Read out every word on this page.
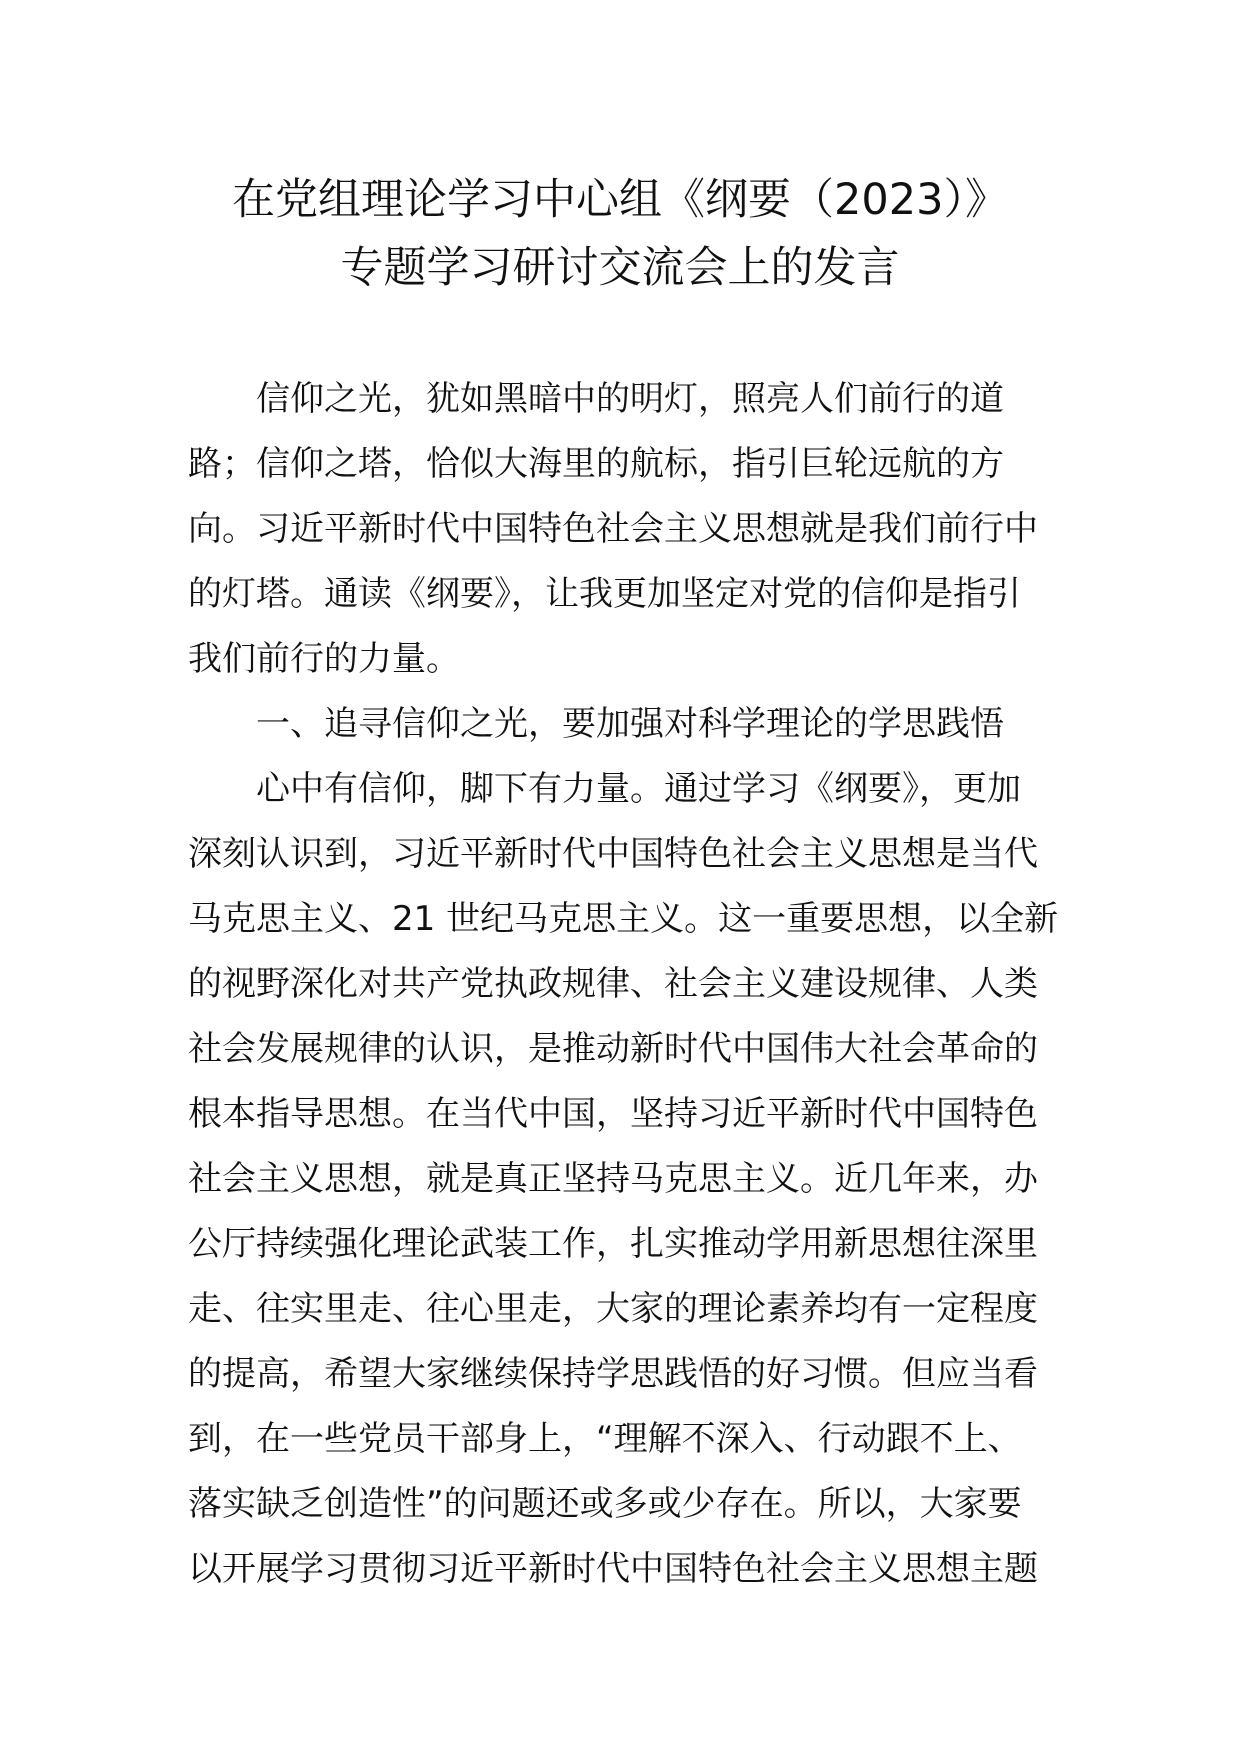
在党组理论学习中心组《纲要（2023）》
专题学习研讨交流会上的发言

信仰之光，犹如黑暗中的明灯，照亮人们前行的道
路；信仰之塔，恰似大海里的航标，指引巨轮远航的方
向。习近平新时代中国特色社会主义思想就是我们前行中
的灯塔。通读《纲要》，让我更加坚定对党的信仰是指引
我们前行的力量。

一、追寻信仰之光，要加强对科学理论的学思践悟

心中有信仰，脚下有力量。通过学习《纲要》，更加
深刻认识到，习近平新时代中国特色社会主义思想是当代
马克思主义、21 世纪马克思主义。这一重要思想，以全新
的视野深化对共产党执政规律、社会主义建设规律、人类
社会发展规律的认识，是推动新时代中国伟大社会革命的
根本指导思想。在当代中国，坚持习近平新时代中国特色
社会主义思想，就是真正坚持马克思主义。近几年来，办
公厅持续强化理论武装工作，扎实推动学用新思想往深里
走、往实里走、往心里走，大家的理论素养均有一定程度
的提高，希望大家继续保持学思践悟的好习惯。但应当看
到，在一些党员干部身上，“理解不深入、行动跟不上、
落实缺乏创造性”的问题还或多或少存在。所以，大家要
以开展学习贯彻习近平新时代中国特色社会主义思想主题
